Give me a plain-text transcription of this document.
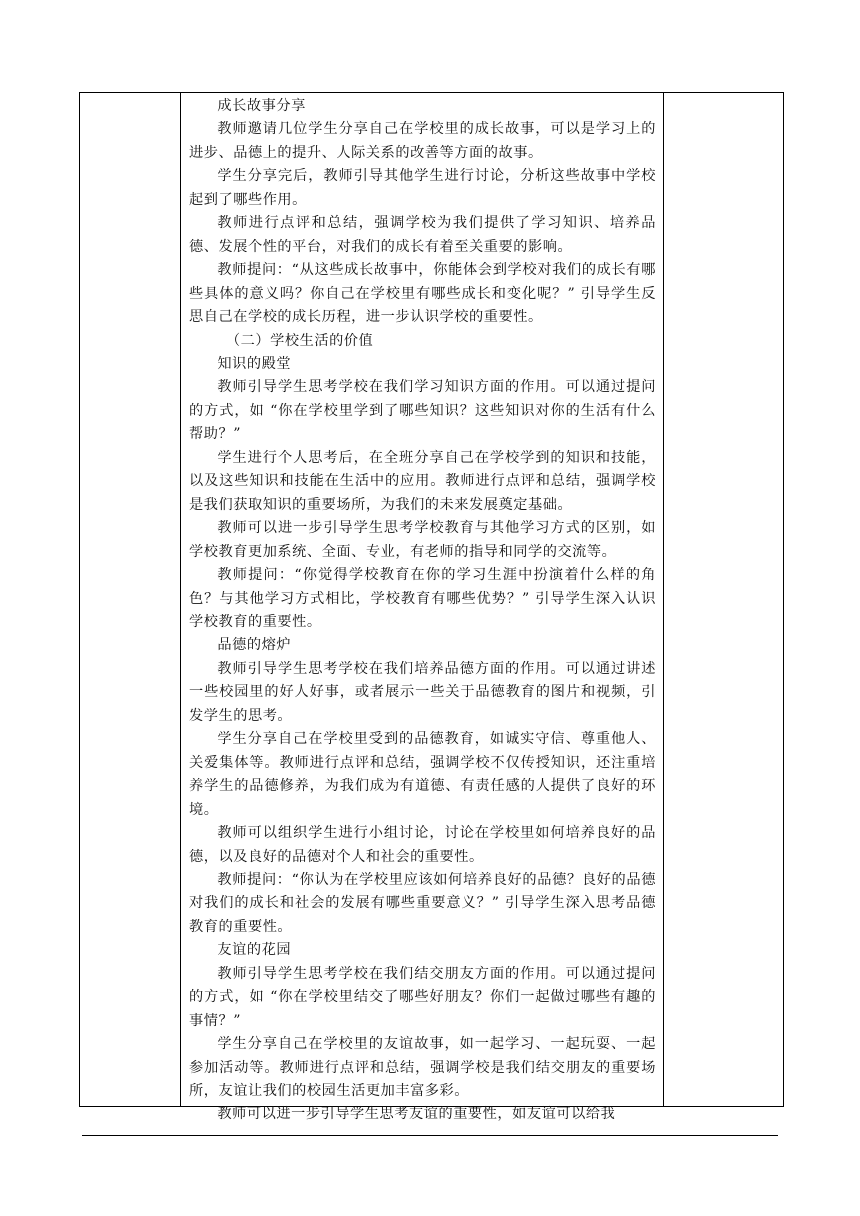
成长故事分享

教师邀请几位学生分享自己在学校里的成长故事，可以是学习上的进步、品德上的提升、人际关系的改善等方面的故事。

学生分享完后，教师引导其他学生进行讨论，分析这些故事中学校起到了哪些作用。

教师进行点评和总结，强调学校为我们提供了学习知识、培养品德、发展个性的平台，对我们的成长有着至关重要的影响。

教师提问：“从这些成长故事中，你能体会到学校对我们的成长有哪些具体的意义吗？你自己在学校里有哪些成长和变化呢？” 引导学生反思自己在学校的成长历程，进一步认识学校的重要性。

（二）学校生活的价值

知识的殿堂

教师引导学生思考学校在我们学习知识方面的作用。可以通过提问的方式，如 “你在学校里学到了哪些知识？这些知识对你的生活有什么帮助？”

学生进行个人思考后，在全班分享自己在学校学到的知识和技能，以及这些知识和技能在生活中的应用。教师进行点评和总结，强调学校是我们获取知识的重要场所，为我们的未来发展奠定基础。

教师可以进一步引导学生思考学校教育与其他学习方式的区别，如学校教育更加系统、全面、专业，有老师的指导和同学的交流等。

教师提问：“你觉得学校教育在你的学习生涯中扮演着什么样的角色？与其他学习方式相比，学校教育有哪些优势？” 引导学生深入认识学校教育的重要性。

品德的熔炉

教师引导学生思考学校在我们培养品德方面的作用。可以通过讲述一些校园里的好人好事，或者展示一些关于品德教育的图片和视频，引发学生的思考。

学生分享自己在学校里受到的品德教育，如诚实守信、尊重他人、关爱集体等。教师进行点评和总结，强调学校不仅传授知识，还注重培养学生的品德修养，为我们成为有道德、有责任感的人提供了良好的环境。

教师可以组织学生进行小组讨论，讨论在学校里如何培养良好的品德，以及良好的品德对个人和社会的重要性。

教师提问：“你认为在学校里应该如何培养良好的品德？良好的品德对我们的成长和社会的发展有哪些重要意义？” 引导学生深入思考品德教育的重要性。

友谊的花园

教师引导学生思考学校在我们结交朋友方面的作用。可以通过提问的方式，如 “你在学校里结交了哪些好朋友？你们一起做过哪些有趣的事情？”

学生分享自己在学校里的友谊故事，如一起学习、一起玩耍、一起参加活动等。教师进行点评和总结，强调学校是我们结交朋友的重要场所，友谊让我们的校园生活更加丰富多彩。

教师可以进一步引导学生思考友谊的重要性，如友谊可以给我
